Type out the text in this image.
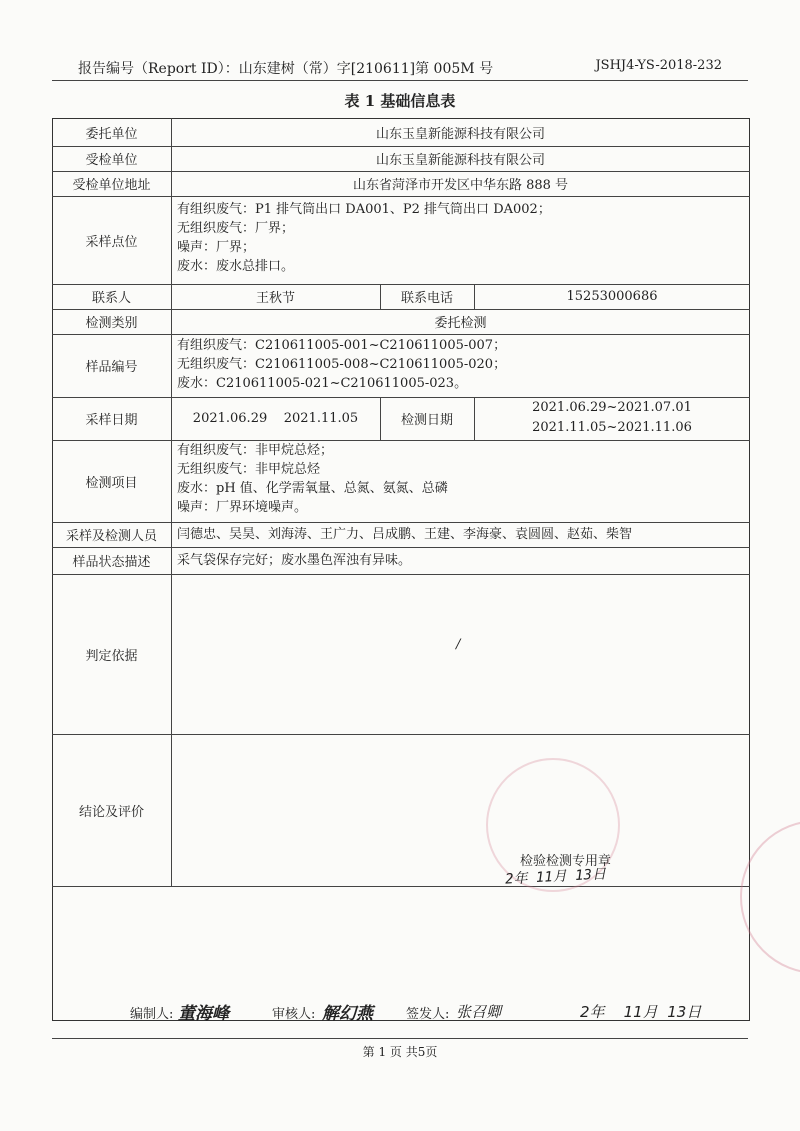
报告编号（Report ID）：山东建树（常）字[210611]第 005M 号	JSHJ4-YS-2018-232
表 1 基础信息表
委托单位	山东玉皇新能源科技有限公司
受检单位	山东玉皇新能源科技有限公司
受检单位地址	山东省菏泽市开发区中华东路 888 号
采样点位
有组织废气：P1 排气筒出口 DA001、P2 排气筒出口 DA002；
无组织废气：厂界；
噪声：厂界；
废水：废水总排口。
联系人	王秋节	联系电话	15253000686
检测类别	委托检测
样品编号
有组织废气：C210611005-001~C210611005-007；
无组织废气：C210611005-008~C210611005-020；
废水：C210611005-021~C210611005-023。
采样日期	2021.06.29    2021.11.05	检测日期
2021.06.29~2021.07.01
2021.11.05~2021.11.06
检测项目
有组织废气：非甲烷总烃；
无组织废气：非甲烷总烃
废水：pH 值、化学需氧量、总氮、氨氮、总磷
噪声：厂界环境噪声。
采样及检测人员	闫德忠、吴昊、刘海涛、王广力、吕成鹏、王建、李海豪、袁圆圆、赵茹、柴智
样品状态描述	采气袋保存完好；废水墨色浑浊有异味。
判定依据
/
结论及评价
检验检测专用章
2年 11月 13日
编制人: 董海峰	审核人: 解幻燕	签发人: 张召卿	2年    11月  13日
第 1 页 共5页
